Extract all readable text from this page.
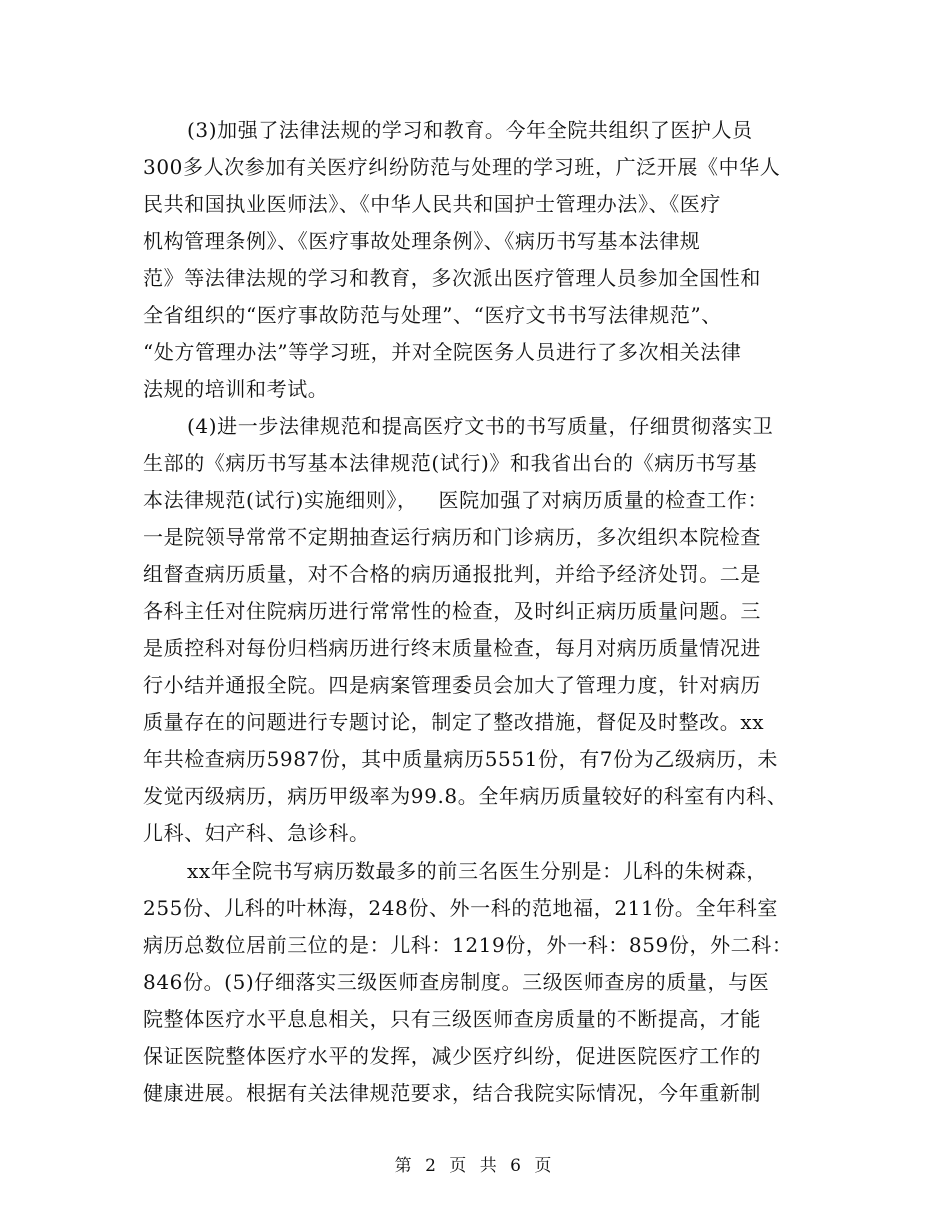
(3)加强了法律法规的学习和教育。今年全院共组织了医护人员
300多人次参加有关医疗纠纷防范与处理的学习班，广泛开展《中华人
民共和国执业医师法》、《中华人民共和国护士管理办法》、《医疗
机构管理条例》、《医疗事故处理条例》、《病历书写基本法律规
范》等法律法规的学习和教育，多次派出医疗管理人员参加全国性和
全省组织的“医疗事故防范与处理”、“医疗文书书写法律规范”、
“处方管理办法”等学习班，并对全院医务人员进行了多次相关法律
法规的培训和考试。
(4)进一步法律规范和提高医疗文书的书写质量，仔细贯彻落实卫
生部的《病历书写基本法律规范(试行)》和我省出台的《病历书写基
本法律规范(试行)实施细则》，   医院加强了对病历质量的检查工作：
一是院领导常常不定期抽查运行病历和门诊病历，多次组织本院检查
组督查病历质量，对不合格的病历通报批判，并给予经济处罚。二是
各科主任对住院病历进行常常性的检查，及时纠正病历质量问题。三
是质控科对每份归档病历进行终末质量检查，每月对病历质量情况进
行小结并通报全院。四是病案管理委员会加大了管理力度，针对病历
质量存在的问题进行专题讨论，制定了整改措施，督促及时整改。xx
年共检查病历5987份，其中质量病历5551份，有7份为乙级病历，未
发觉丙级病历，病历甲级率为99.8。全年病历质量较好的科室有内科、
儿科、妇产科、急诊科。
xx年全院书写病历数最多的前三名医生分别是：儿科的朱树森，
255份、儿科的叶林海，248份、外一科的范地福，211份。全年科室
病历总数位居前三位的是：儿科：1219份，外一科：859份，外二科：
846份。(5)仔细落实三级医师查房制度。三级医师查房的质量，与医
院整体医疗水平息息相关，只有三级医师查房质量的不断提高，才能
保证医院整体医疗水平的发挥，减少医疗纠纷，促进医院医疗工作的
健康进展。根据有关法律规范要求，结合我院实际情况，今年重新制
第 2 页 共 6 页
